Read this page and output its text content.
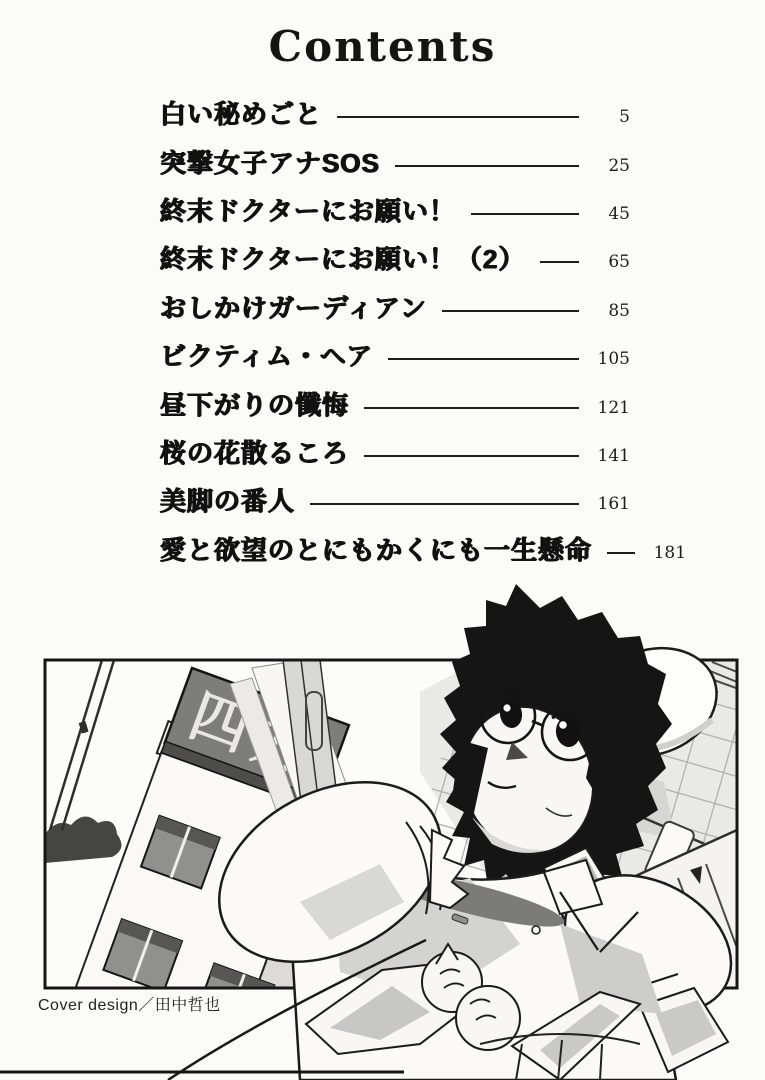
Contents
白い秘めごと	5
突撃女子アナSOS	25
終末ドクターにお願い！	45
終末ドクターにお願い！（2）	65
おしかけガーディアン	85
ビクティム・ヘア	105
昼下がりの懺悔	121
桜の花散るころ	141
美脚の番人	161
愛と欲望のとにもかくにも一生懸命	181
Cover design／田中哲也
